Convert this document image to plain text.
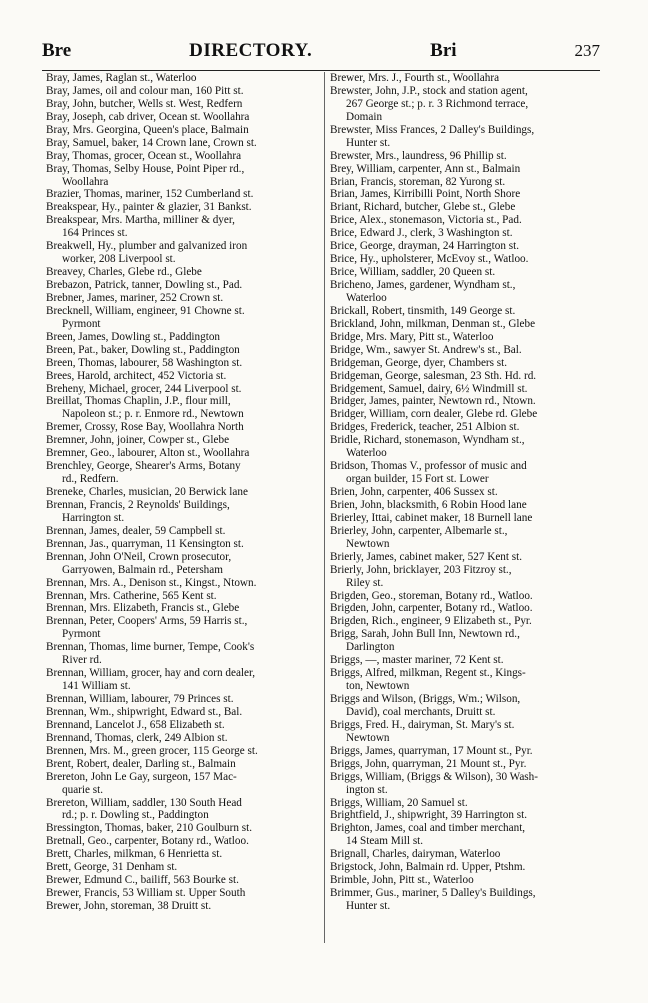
Bre	DIRECTORY.	Bri	237
Bray, James, Raglan st., Waterloo
Bray, James, oil and colour man, 160 Pitt st.
Bray, John, butcher, Wells st. West, Redfern
Bray, Joseph, cab driver, Ocean st. Woollahra
Bray, Mrs. Georgina, Queen's place, Balmain
Bray, Samuel, baker, 14 Crown lane, Crown st.
Bray, Thomas, grocer, Ocean st., Woollahra
Bray, Thomas, Selby House, Point Piper rd.,
Woollahra
Brazier, Thomas, mariner, 152 Cumberland st.
Breakspear, Hy., painter & glazier, 31 Bankst.
Breakspear, Mrs. Martha, milliner & dyer,
164 Princes st.
Breakwell, Hy., plumber and galvanized iron
worker, 208 Liverpool st.
Breavey, Charles, Glebe rd., Glebe
Brebazon, Patrick, tanner, Dowling st., Pad.
Brebner, James, mariner, 252 Crown st.
Brecknell, William, engineer, 91 Chowne st.
Pyrmont
Breen, James, Dowling st., Paddington
Breen, Pat., baker, Dowling st., Paddington
Breen, Thomas, labourer, 58 Washington st.
Brees, Harold, architect, 452 Victoria st.
Breheny, Michael, grocer, 244 Liverpool st.
Breillat, Thomas Chaplin, J.P., flour mill,
Napoleon st.; p. r. Enmore rd., Newtown
Bremer, Crossy, Rose Bay, Woollahra North
Bremner, John, joiner, Cowper st., Glebe
Bremner, Geo., labourer, Alton st., Woollahra
Brenchley, George, Shearer's Arms, Botany
rd., Redfern.
Breneke, Charles, musician, 20 Berwick lane
Brennan, Francis, 2 Reynolds' Buildings,
Harrington st.
Brennan, James, dealer, 59 Campbell st.
Brennan, Jas., quarryman, 11 Kensington st.
Brennan, John O'Neil, Crown prosecutor,
Garryowen, Balmain rd., Petersham
Brennan, Mrs. A., Denison st., Kingst., Ntown.
Brennan, Mrs. Catherine, 565 Kent st.
Brennan, Mrs. Elizabeth, Francis st., Glebe
Brennan, Peter, Coopers' Arms, 59 Harris st.,
Pyrmont
Brennan, Thomas, lime burner, Tempe, Cook's
River rd.
Brennan, William, grocer, hay and corn dealer,
141 William st.
Brennan, William, labourer, 79 Princes st.
Brennan, Wm., shipwright, Edward st., Bal.
Brennand, Lancelot J., 658 Elizabeth st.
Brennand, Thomas, clerk, 249 Albion st.
Brennen, Mrs. M., green grocer, 115 George st.
Brent, Robert, dealer, Darling st., Balmain
Brereton, John Le Gay, surgeon, 157 Mac-
quarie st.
Brereton, William, saddler, 130 South Head
rd.; p. r. Dowling st., Paddington
Bressington, Thomas, baker, 210 Goulburn st.
Bretnall, Geo., carpenter, Botany rd., Watloo.
Brett, Charles, milkman, 6 Henrietta st.
Brett, George, 31 Denham st.
Brewer, Edmund C., bailiff, 563 Bourke st.
Brewer, Francis, 53 William st. Upper South
Brewer, John, storeman, 38 Druitt st.
Brewer, Mrs. J., Fourth st., Woollahra
Brewster, John, J.P., stock and station agent,
267 George st.; p. r. 3 Richmond terrace,
Domain
Brewster, Miss Frances, 2 Dalley's Buildings,
Hunter st.
Brewster, Mrs., laundress, 96 Phillip st.
Brey, William, carpenter, Ann st., Balmain
Brian, Francis, storeman, 82 Yurong st.
Brian, James, Kirribilli Point, North Shore
Briant, Richard, butcher, Glebe st., Glebe
Brice, Alex., stonemason, Victoria st., Pad.
Brice, Edward J., clerk, 3 Washington st.
Brice, George, drayman, 24 Harrington st.
Brice, Hy., upholsterer, McEvoy st., Watloo.
Brice, William, saddler, 20 Queen st.
Bricheno, James, gardener, Wyndham st.,
Waterloo
Brickall, Robert, tinsmith, 149 George st.
Brickland, John, milkman, Denman st., Glebe
Bridge, Mrs. Mary, Pitt st., Waterloo
Bridge, Wm., sawyer St. Andrew's st., Bal.
Bridgeman, George, dyer, Chambers st.
Bridgeman, George, salesman, 23 Sth. Hd. rd.
Bridgement, Samuel, dairy, 6½ Windmill st.
Bridger, James, painter, Newtown rd., Ntown.
Bridger, William, corn dealer, Glebe rd. Glebe
Bridges, Frederick, teacher, 251 Albion st.
Bridle, Richard, stonemason, Wyndham st.,
Waterloo
Bridson, Thomas V., professor of music and
organ builder, 15 Fort st. Lower
Brien, John, carpenter, 406 Sussex st.
Brien, John, blacksmith, 6 Robin Hood lane
Brierley, Ittai, cabinet maker, 18 Burnell lane
Brierley, John, carpenter, Albemarle st.,
Newtown
Brierly, James, cabinet maker, 527 Kent st.
Brierly, John, bricklayer, 203 Fitzroy st.,
Riley st.
Brigden, Geo., storeman, Botany rd., Watloo.
Brigden, John, carpenter, Botany rd., Watloo.
Brigden, Rich., engineer, 9 Elizabeth st., Pyr.
Brigg, Sarah, John Bull Inn, Newtown rd.,
Darlington
Briggs, —, master mariner, 72 Kent st.
Briggs, Alfred, milkman, Regent st., Kings-
ton, Newtown
Briggs and Wilson, (Briggs, Wm.; Wilson,
David), coal merchants, Druitt st.
Briggs, Fred. H., dairyman, St. Mary's st.
Newtown
Briggs, James, quarryman, 17 Mount st., Pyr.
Briggs, John, quarryman, 21 Mount st., Pyr.
Briggs, William, (Briggs & Wilson), 30 Wash-
ington st.
Briggs, William, 20 Samuel st.
Brightfield, J., shipwright, 39 Harrington st.
Brighton, James, coal and timber merchant,
14 Steam Mill st.
Brignall, Charles, dairyman, Waterloo
Brigstock, John, Balmain rd. Upper, Ptshm.
Brimble, John, Pitt st., Waterloo
Brimmer, Gus., mariner, 5 Dalley's Buildings,
Hunter st.
